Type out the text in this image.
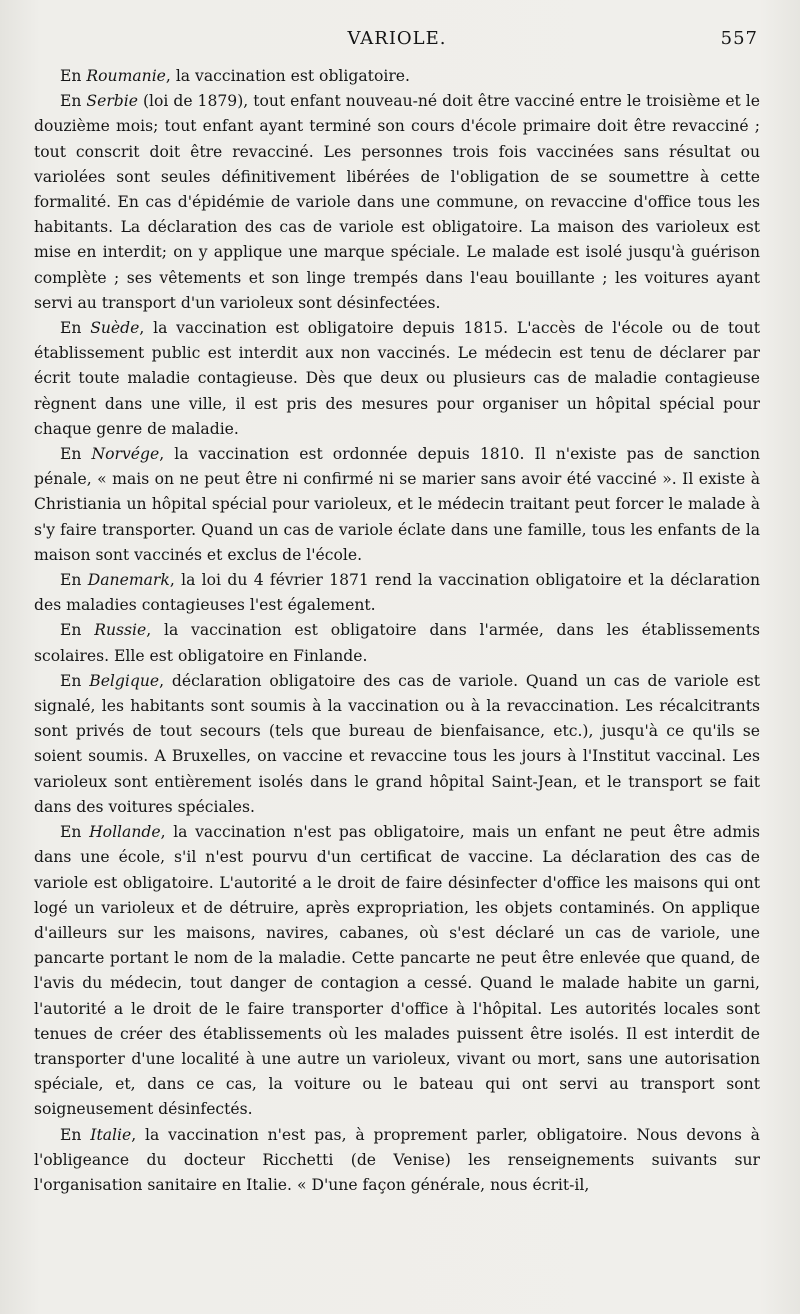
VARIOLE.	557

En Roumanie, la vaccination est obligatoire.

En Serbie (loi de 1879), tout enfant nouveau-né doit être vacciné entre le troisième et le douzième mois; tout enfant ayant terminé son cours d'école primaire doit être revacciné ; tout conscrit doit être revacciné. Les personnes trois fois vaccinées sans résultat ou variolées sont seules définitivement libérées de l'obligation de se soumettre à cette formalité. En cas d'épidémie de variole dans une commune, on revaccine d'office tous les habitants. La déclaration des cas de variole est obligatoire. La maison des varioleux est mise en interdit; on y applique une marque spéciale. Le malade est isolé jusqu'à guérison complète ; ses vêtements et son linge trempés dans l'eau bouillante ; les voitures ayant servi au transport d'un varioleux sont désinfectées.

En Suède, la vaccination est obligatoire depuis 1815. L'accès de l'école ou de tout établissement public est interdit aux non vaccinés. Le médecin est tenu de déclarer par écrit toute maladie contagieuse. Dès que deux ou plusieurs cas de maladie contagieuse règnent dans une ville, il est pris des mesures pour organiser un hôpital spécial pour chaque genre de maladie.

En Norvége, la vaccination est ordonnée depuis 1810. Il n'existe pas de sanction pénale, « mais on ne peut être ni confirmé ni se marier sans avoir été vacciné ». Il existe à Christiania un hôpital spécial pour varioleux, et le médecin traitant peut forcer le malade à s'y faire transporter. Quand un cas de variole éclate dans une famille, tous les enfants de la maison sont vaccinés et exclus de l'école.

En Danemark, la loi du 4 février 1871 rend la vaccination obligatoire et la déclaration des maladies contagieuses l'est également.

En Russie, la vaccination est obligatoire dans l'armée, dans les établissements scolaires. Elle est obligatoire en Finlande.

En Belgique, déclaration obligatoire des cas de variole. Quand un cas de variole est signalé, les habitants sont soumis à la vaccination ou à la revaccination. Les récalcitrants sont privés de tout secours (tels que bureau de bienfaisance, etc.), jusqu'à ce qu'ils se soient soumis. A Bruxelles, on vaccine et revaccine tous les jours à l'Institut vaccinal. Les varioleux sont entièrement isolés dans le grand hôpital Saint-Jean, et le transport se fait dans des voitures spéciales.

En Hollande, la vaccination n'est pas obligatoire, mais un enfant ne peut être admis dans une école, s'il n'est pourvu d'un certificat de vaccine. La déclaration des cas de variole est obligatoire. L'autorité a le droit de faire désinfecter d'office les maisons qui ont logé un varioleux et de détruire, après expropriation, les objets contaminés. On applique d'ailleurs sur les maisons, navires, cabanes, où s'est déclaré un cas de variole, une pancarte portant le nom de la maladie. Cette pancarte ne peut être enlevée que quand, de l'avis du médecin, tout danger de contagion a cessé. Quand le malade habite un garni, l'autorité a le droit de le faire transporter d'office à l'hôpital. Les autorités locales sont tenues de créer des établissements où les malades puissent être isolés. Il est interdit de transporter d'une localité à une autre un varioleux, vivant ou mort, sans une autorisation spéciale, et, dans ce cas, la voiture ou le bateau qui ont servi au transport sont soigneusement désinfectés.

En Italie, la vaccination n'est pas, à proprement parler, obligatoire. Nous devons à l'obligeance du docteur Ricchetti (de Venise) les renseignements suivants sur l'organisation sanitaire en Italie. « D'une façon générale, nous écrit-il,
